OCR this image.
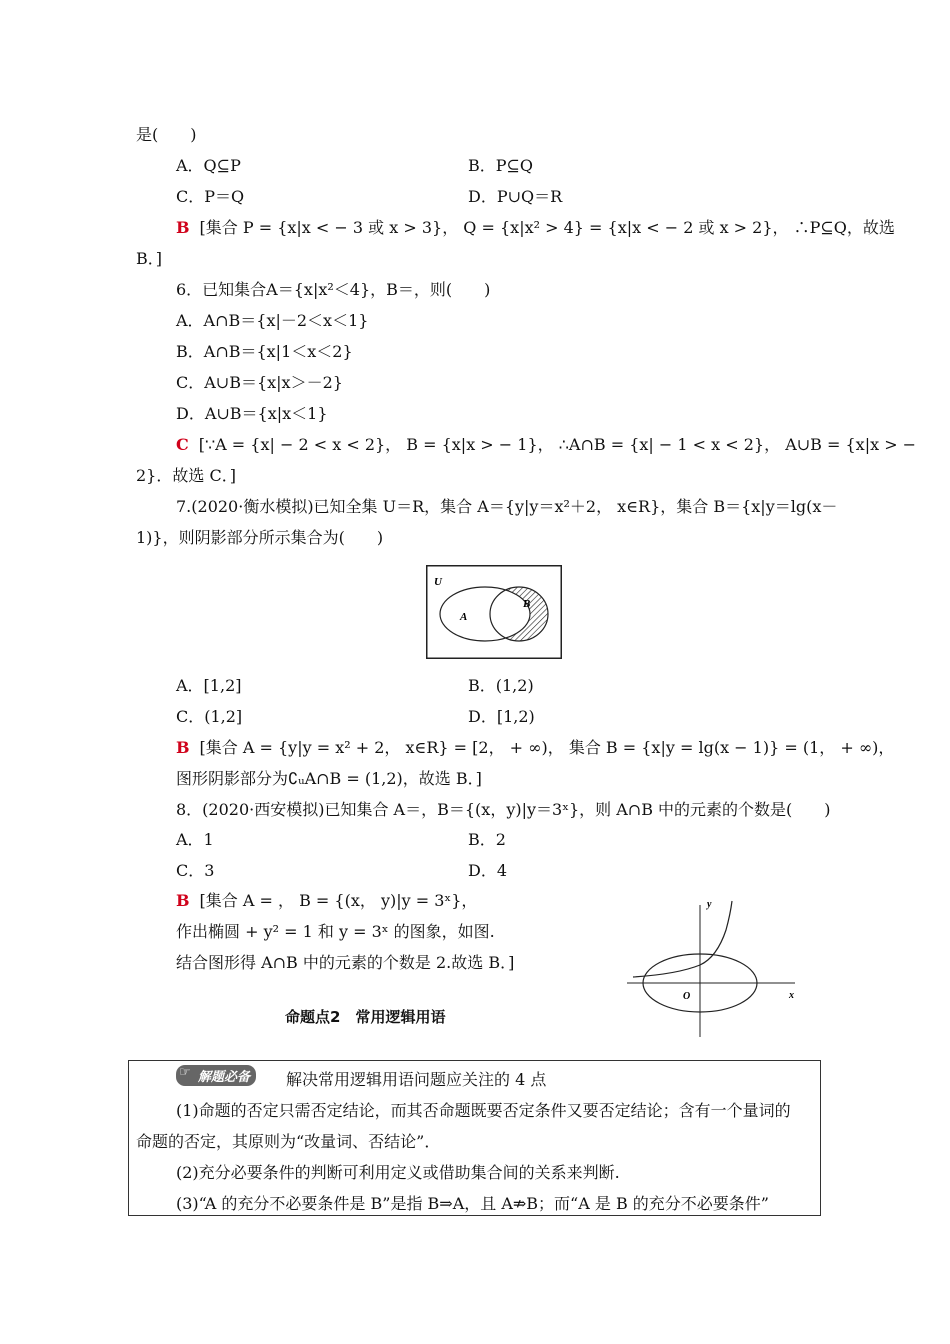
是(　　)
A．Q⊆P	B．P⊆Q
C．P＝Q	D．P∪Q＝R
B [集合 P = {x|x < − 3 或 x > 3}， Q = {x|x² > 4} = {x|x < − 2 或 x > 2}， ∴P⊆Q，故选
B．]
6．已知集合A＝{x|x²＜4}，B＝，则(　　)
A．A∩B＝{x|－2＜x＜1}
B．A∩B＝{x|1＜x＜2}
C．A∪B＝{x|x＞－2}
D．A∪B＝{x|x＜1}
C [∵A = {x| − 2 < x < 2}， B = {x|x > − 1}， ∴A∩B = {x| − 1 < x < 2}， A∪B = {x|x > −
2}．故选 C．]
7.(2020·衡水模拟)已知全集 U＝R，集合 A＝{y|y＝x²＋2， x∈R}，集合 B＝{x|y＝lg(x－
1)}，则阴影部分所示集合为(　　)
U
A
B
A．[1,2]	B．(1,2)
C．(1,2]	D．[1,2)
B [集合 A = {y|y = x² + 2， x∈R} = [2， + ∞)， 集合 B = {x|y = lg(x − 1)} = (1， + ∞)，
图形阴影部分为∁ᵤA∩B = (1,2)，故选 B．]
8．(2020·西安模拟)已知集合 A＝，B＝{(x，y)|y＝3ˣ}，则 A∩B 中的元素的个数是(　　)
A．1	B．2
C．3	D．4
B [集合 A = ， B = {(x， y)|y = 3ˣ}，
作出椭圆 + y² = 1 和 y = 3ˣ 的图象，如图.
结合图形得 A∩B 中的元素的个数是 2.故选 B．]
y
x
O
命题点2　常用逻辑用语
☞ 解题必备	解决常用逻辑用语问题应关注的 4 点
(1)命题的否定只需否定结论，而其否命题既要否定条件又要否定结论；含有一个量词的
命题的否定，其原则为“改量词、否结论”．
(2)充分必要条件的判断可利用定义或借助集合间的关系来判断.
(3)“A 的充分不必要条件是 B”是指 B⇒A，且 A⇏B；而“A 是 B 的充分不必要条件”
